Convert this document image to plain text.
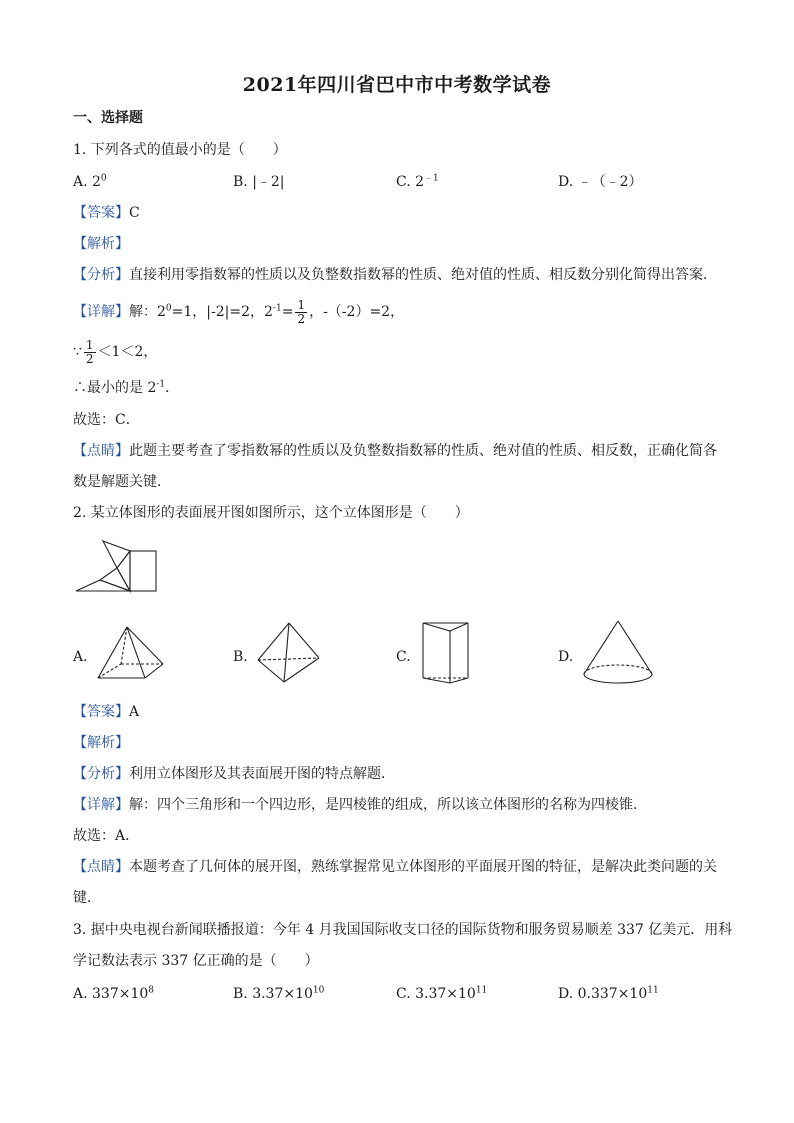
2021年四川省巴中市中考数学试卷
一、选择题
1. 下列各式的值最小的是（　　）
A. $2^0$	B. |﹣2|	C. $2^{﹣1}$	D. ﹣（﹣2）
【答案】C
【解析】
【分析】直接利用零指数幂的性质以及负整数指数幂的性质、绝对值的性质、相反数分别化简得出答案．
【详解】解：$2^0=1$，|-2|=2，$2^{-1}= \frac{1}{2}$ ，-（-2）=2，
∵ $\frac{1}{2} <1<2$，
∴最小的是 $2^{-1}$．
故选：C．
【点睛】此题主要考查了零指数幂的性质以及负整数指数幂的性质、绝对值的性质、相反数，正确化简各
数是解题关键．
2. 某立体图形的表面展开图如图所示，这个立体图形是（　　）
A.	B.	C.	D.
【答案】A
【解析】
【分析】利用立体图形及其表面展开图的特点解题．
【详解】解：四个三角形和一个四边形，是四棱锥的组成，所以该立体图形的名称为四棱锥．
故选：A．
【点睛】本题考查了几何体的展开图，熟练掌握常见立体图形的平面展开图的特征，是解决此类问题的关
键．
3. 据中央电视台新闻联播报道：今年 4 月我国国际收支口径的国际货物和服务贸易顺差 337 亿美元．用科
学记数法表示 337 亿正确的是（　　）
A. $337\times 10^8$	B. $3.37\times 10^{10}$	C. $3.37\times 10^{11}$	D. $0.337\times 10^{11}$
